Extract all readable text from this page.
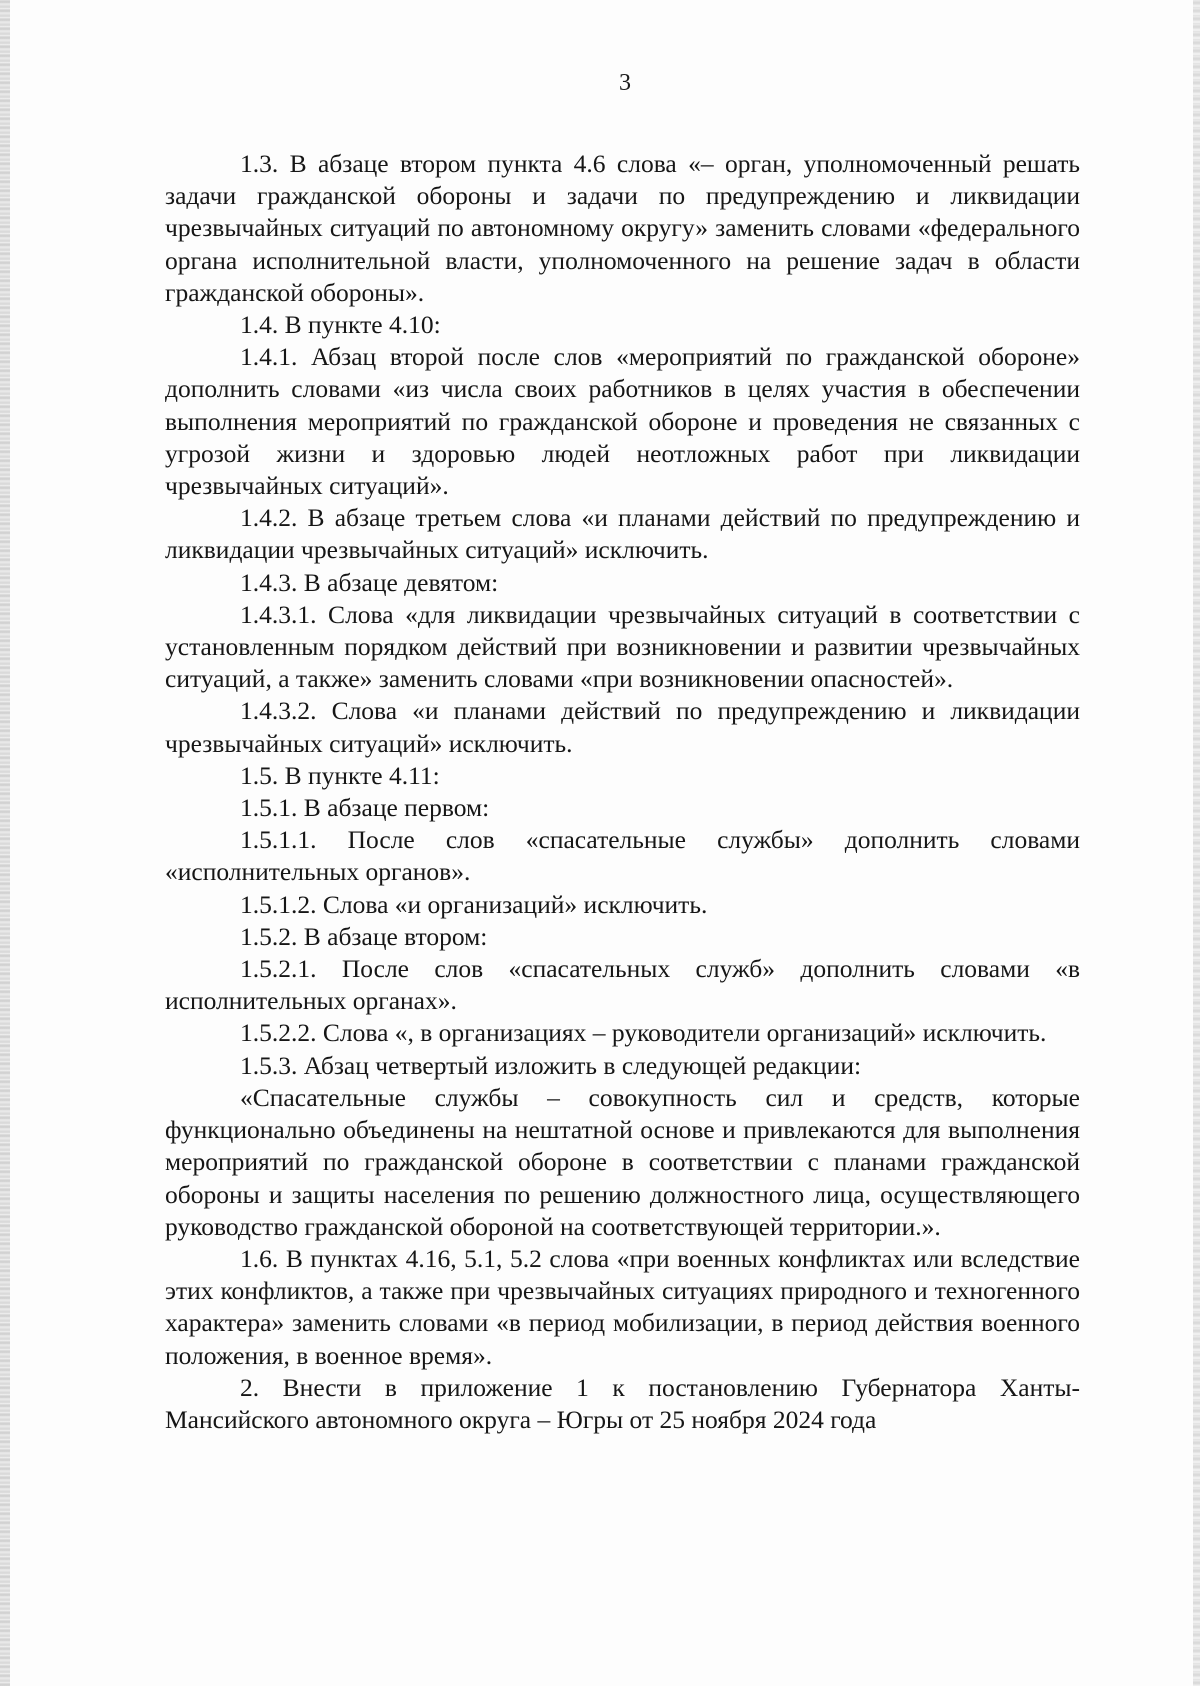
3

1.3. В абзаце втором пункта 4.6 слова «– орган, уполномоченный решать задачи гражданской обороны и задачи по предупреждению и ликвидации чрезвычайных ситуаций по автономному округу» заменить словами «федерального органа исполнительной власти, уполномоченного на решение задач в области гражданской обороны».

1.4. В пункте 4.10:

1.4.1. Абзац второй после слов «мероприятий по гражданской обороне» дополнить словами «из числа своих работников в целях участия в обеспечении выполнения мероприятий по гражданской обороне и проведения не связанных с угрозой жизни и здоровью людей неотложных работ при ликвидации чрезвычайных ситуаций».

1.4.2. В абзаце третьем слова «и планами действий по предупреждению и ликвидации чрезвычайных ситуаций» исключить.

1.4.3. В абзаце девятом:

1.4.3.1. Слова «для ликвидации чрезвычайных ситуаций в соответствии с установленным порядком действий при возникновении и развитии чрезвычайных ситуаций, а также» заменить словами «при возникновении опасностей».

1.4.3.2. Слова «и планами действий по предупреждению и ликвидации чрезвычайных ситуаций» исключить.

1.5. В пункте 4.11:

1.5.1. В абзаце первом:

1.5.1.1. После слов «спасательные службы» дополнить словами «исполнительных органов».

1.5.1.2. Слова «и организаций» исключить.

1.5.2. В абзаце втором:

1.5.2.1. После слов «спасательных служб» дополнить словами «в исполнительных органах».

1.5.2.2. Слова «, в организациях – руководители организаций» исключить.

1.5.3. Абзац четвертый изложить в следующей редакции:

«Спасательные службы – совокупность сил и средств, которые функционально объединены на нештатной основе и привлекаются для выполнения мероприятий по гражданской обороне в соответствии с планами гражданской обороны и защиты населения по решению должностного лица, осуществляющего руководство гражданской обороной на соответствующей территории.».

1.6. В пунктах 4.16, 5.1, 5.2 слова «при военных конфликтах или вследствие этих конфликтов, а также при чрезвычайных ситуациях природного и техногенного характера» заменить словами «в период мобилизации, в период действия военного положения, в военное время».

2. Внести в приложение 1 к постановлению Губернатора Ханты-Мансийского автономного округа – Югры от 25 ноября 2024 года
